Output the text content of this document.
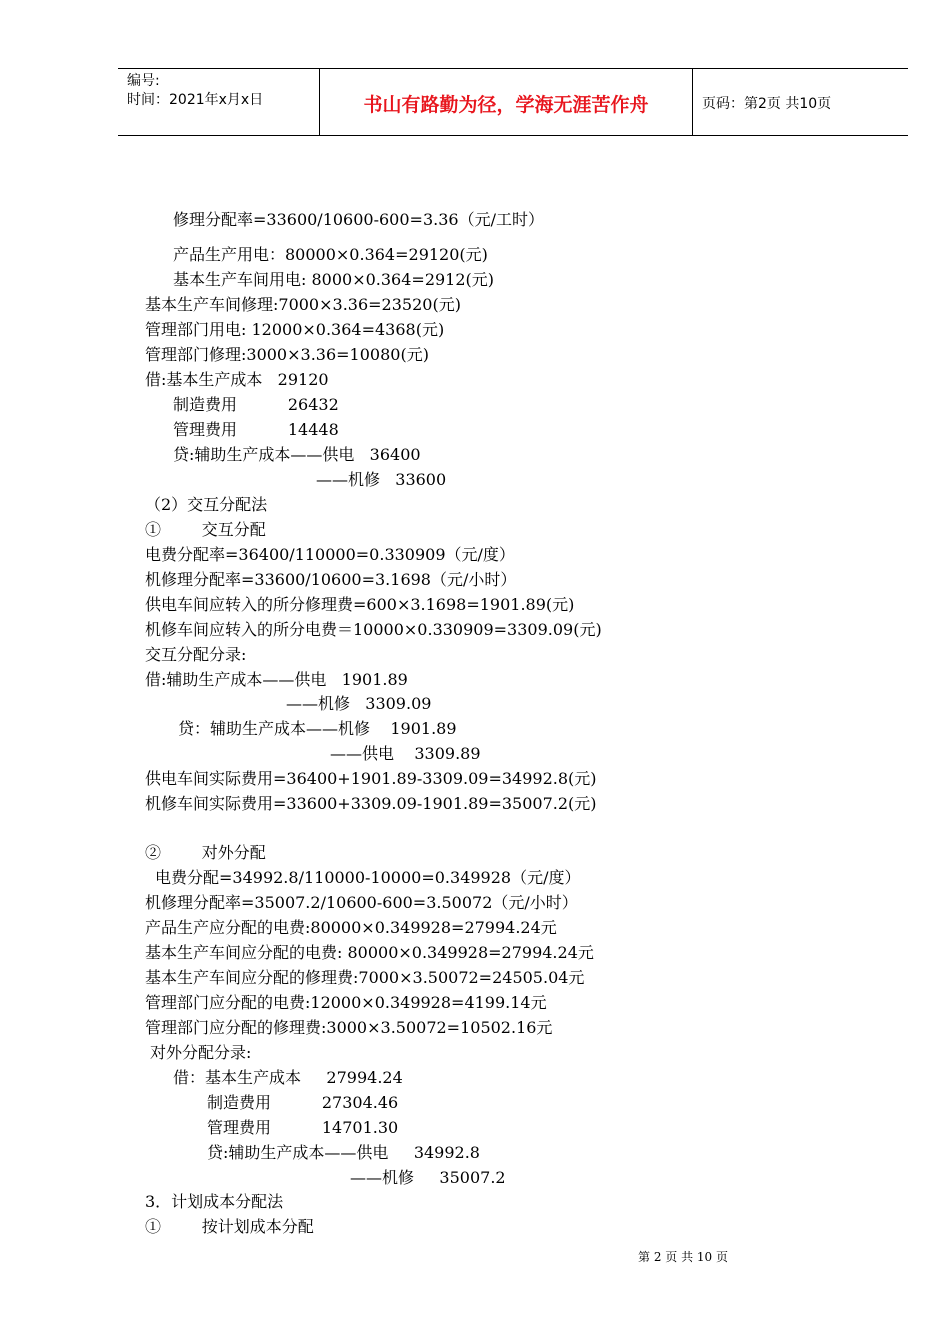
编号:
时间：2021年x月x日	书山有路勤为径，学海无涯苦作舟	页码：第2页 共10页
修理分配率=33600/10600-600=3.36（元/工时）
产品生产用电：80000×0.364=29120(元)
基本生产车间用电: 8000×0.364=2912(元)
基本生产车间修理:7000×3.36=23520(元)
管理部门用电: 12000×0.364=4368(元)
管理部门修理:3000×3.36=10080(元)
借:基本生产成本   29120
制造费用          26432
管理费用          14448
贷:辅助生产成本——供电   36400
——机修   33600
（2）交互分配法
①        交互分配
电费分配率=36400/110000=0.330909（元/度）
机修理分配率=33600/10600=3.1698（元/小时）
供电车间应转入的所分修理费=600×3.1698=1901.89(元)
机修车间应转入的所分电费＝10000×0.330909=3309.09(元)
交互分配分录:
借:辅助生产成本——供电   1901.89
——机修   3309.09
贷：辅助生产成本——机修    1901.89
——供电    3309.89
供电车间实际费用=36400+1901.89-3309.09=34992.8(元)
机修车间实际费用=33600+3309.09-1901.89=35007.2(元)
②        对外分配
电费分配=34992.8/110000-10000=0.349928（元/度）
机修理分配率=35007.2/10600-600=3.50072（元/小时）
产品生产应分配的电费:80000×0.349928=27994.24元
基本生产车间应分配的电费: 80000×0.349928=27994.24元
基本生产车间应分配的修理费:7000×3.50072=24505.04元
管理部门应分配的电费:12000×0.349928=4199.14元
管理部门应分配的修理费:3000×3.50072=10502.16元
对外分配分录:
借：基本生产成本     27994.24
制造费用          27304.46
管理费用          14701.30
贷:辅助生产成本——供电     34992.8
——机修     35007.2
3．计划成本分配法
①        按计划成本分配
第 2 页 共 10 页
